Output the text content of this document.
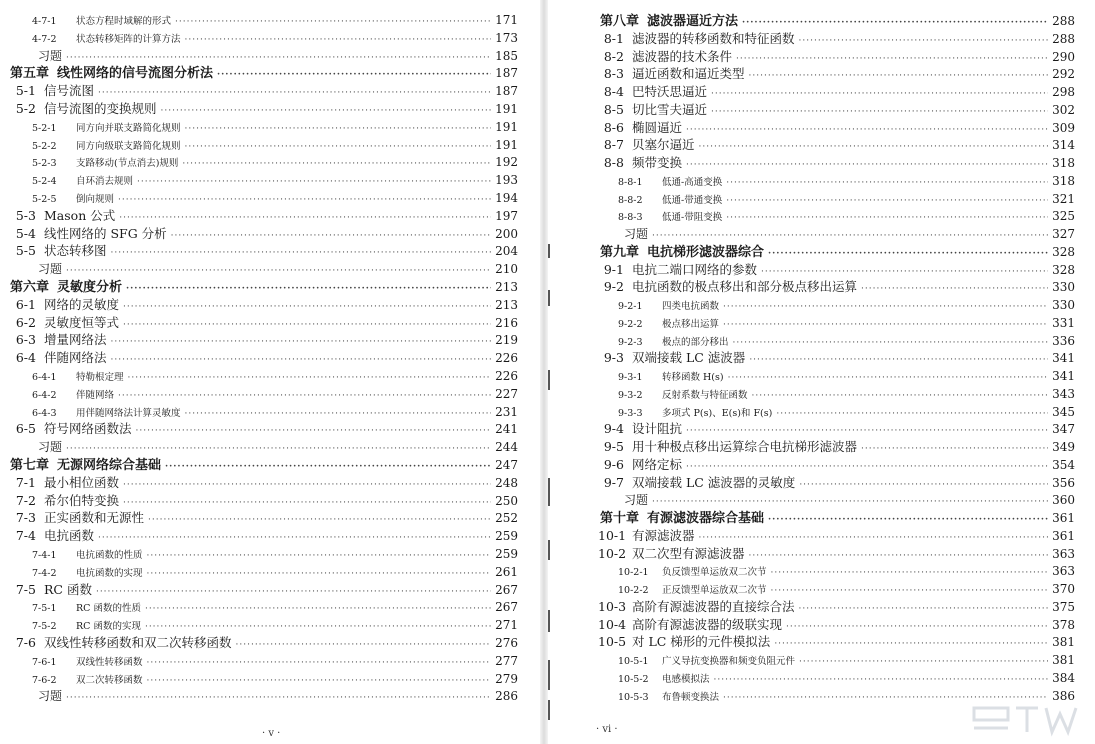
4-7-1	状态方程时域解的形式 ·····	171
4-7-2	状态转移矩阵的计算方法 ·····	173
习题 ·····	185
第五章 线性网络的信号流图分析法 ·····	187
5-1 信号流图 ·····	187
5-2 信号流图的变换规则 ·····	191
5-2-1	同方向并联支路简化规则 ·····	191
5-2-2	同方向级联支路简化规则 ·····	191
5-2-3	支路移动(节点消去)规则 ·····	192
5-2-4	自环消去规则 ·····	193
5-2-5	倒向规则 ·····	194
5-3 Mason 公式 ·····	197
5-4 线性网络的 SFG 分析 ·····	200
5-5 状态转移图 ·····	204
习题 ·····	210
第六章 灵敏度分析 ·····	213
6-1 网络的灵敏度 ·····	213
6-2 灵敏度恒等式 ·····	216
6-3 增量网络法 ·····	219
6-4 伴随网络法 ·····	226
6-4-1	特勒根定理 ·····	226
6-4-2	伴随网络 ·····	227
6-4-3	用伴随网络法计算灵敏度 ·····	231
6-5 符号网络函数法 ·····	241
习题 ·····	244
第七章 无源网络综合基础 ·····	247
7-1 最小相位函数 ·····	248
7-2 希尔伯特变换 ·····	250
7-3 正实函数和无源性 ·····	252
7-4 电抗函数 ·····	259
7-4-1	电抗函数的性质 ·····	259
7-4-2	电抗函数的实现 ·····	261
7-5 RC 函数 ·····	267
7-5-1	RC 函数的性质 ·····	267
7-5-2	RC 函数的实现 ·····	271
7-6 双线性转移函数和双二次转移函数 ·····	276
7-6-1	双线性转移函数 ·····	277
7-6-2	双二次转移函数 ·····	279
习题 ·····	286
第八章 滤波器逼近方法 ·····	288
8-1 滤波器的转移函数和特征函数 ·····	288
8-2 滤波器的技术条件 ·····	290
8-3 逼近函数和逼近类型 ·····	292
8-4 巴特沃思逼近 ·····	298
8-5 切比雪夫逼近 ·····	302
8-6 椭圆逼近 ·····	309
8-7 贝塞尔逼近 ·····	314
8-8 频带变换 ·····	318
8-8-1	低通-高通变换 ·····	318
8-8-2	低通-带通变换 ·····	321
8-8-3	低通-带阻变换 ·····	325
习题 ·····	327
第九章 电抗梯形滤波器综合 ·····	328
9-1 电抗二端口网络的参数 ·····	328
9-2 电抗函数的极点移出和部分极点移出运算 ·····	330
9-2-1	四类电抗函数 ·····	330
9-2-2	极点移出运算 ·····	331
9-2-3	极点的部分移出 ·····	336
9-3 双端接载 LC 滤波器 ·····	341
9-3-1	转移函数 H(s) ·····	341
9-3-2	反射系数与特征函数 ·····	343
9-3-3	多项式 P(s)、E(s)和 F(s) ·····	345
9-4 设计阻抗 ·····	347
9-5 用十种极点移出运算综合电抗梯形滤波器 ·····	349
9-6 网络定标 ·····	354
9-7 双端接载 LC 滤波器的灵敏度 ·····	356
习题 ·····	360
第十章 有源滤波器综合基础 ·····	361
10-1 有源滤波器 ·····	361
10-2 双二次型有源滤波器 ·····	363
10-2-1	负反馈型单运放双二次节 ·····	363
10-2-2	正反馈型单运放双二次节 ·····	370
10-3 高阶有源滤波器的直接综合法 ·····	375
10-4 高阶有源滤波器的级联实现 ·····	378
10-5 对 LC 梯形的元件模拟法 ·····	381
10-5-1	广义导抗变换器和频变负阻元件 ·····	381
10-5-2	电感模拟法 ·····	384
10-5-3	布鲁顿变换法 ·····	386
· v ·	· vi ·
